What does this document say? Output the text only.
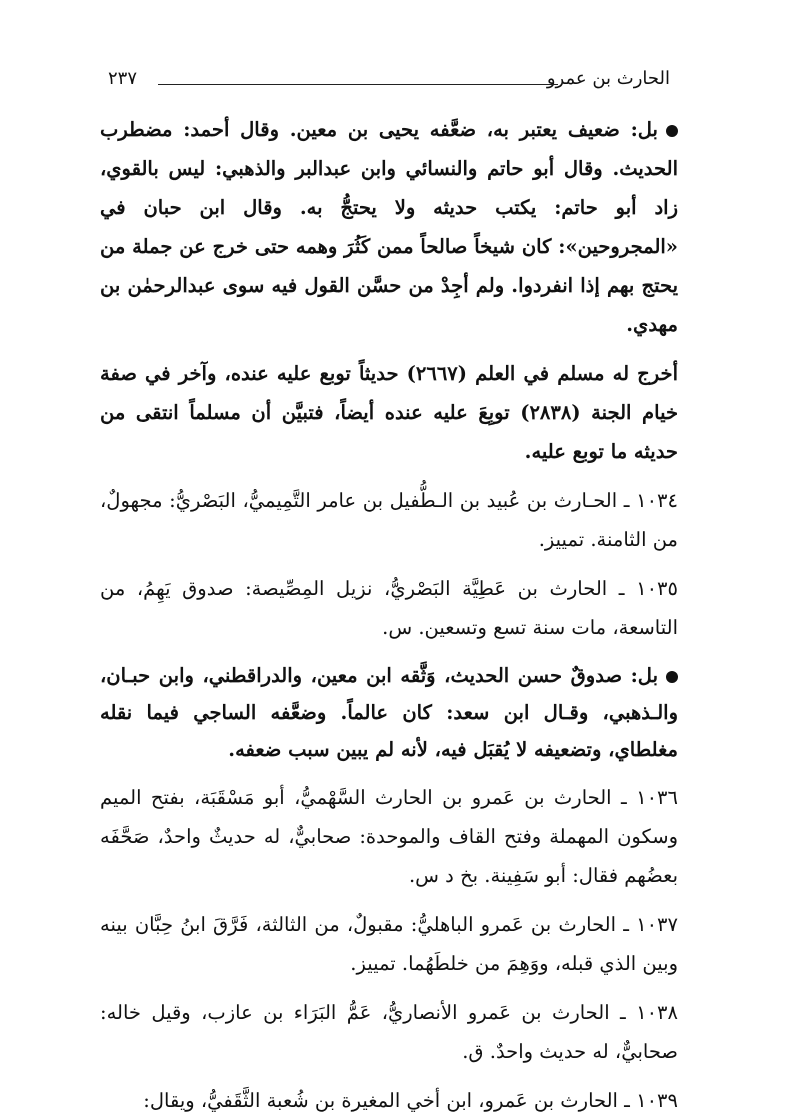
الحارث بن عمرو
٢٣٧

بل: ضعيف يعتبر به، ضعَّفه يحيى بن معين. وقال أحمد: مضطرب الحديث. وقال أبو حاتم والنسائي وابن عبدالبر والذهبي: ليس بالقوي، زاد أبو حاتم: يكتب حديثه ولا يحتجُّ به. وقال ابن حبان في «المجروحين»: كان شيخاً صالحاً ممن كَثُرَ وهمه حتى خرج عن جملة من يحتج بهم إذا انفردوا. ولم أجِدْ من حسَّن القول فيه سوى عبدالرحمٰن بن مهدي.

أخرج له مسلم في العلم (٢٦٦٧) حديثاً توبع عليه عنده، وآخر في صفة خيام الجنة (٢٨٣٨) توبِعَ عليه عنده أيضاً، فتبيَّن أن مسلماً انتقى من حديثه ما توبع عليه.

١٠٣٤ ـ الحـارث بن عُبيد بن الـطُّفيل بن عامر التَّمِيميُّ، البَصْريُّ: مجهولٌ، من الثامنة. تمييز.

١٠٣٥ ـ الحارث بن عَطِيَّة البَصْريُّ، نزيل المِصِّيصة: صدوق يَهِمُ، من التاسعة، مات سنة تسع وتسعين. س.

بل: صدوقٌ حسن الحديث، وَثَّقه ابن معين، والدراقطني، وابن حبـان، والـذهبي، وقـال ابن سعد: كان عالماً. وضعَّفه الساجي فيما نقله مغلطاي، وتضعيفه لا يُقبَل فيه، لأنه لم يبين سبب ضعفه.

١٠٣٦ ـ الحارث بن عَمرو بن الحارث السَّهْميُّ، أبو مَسْقَبَة، بفتح الميم وسكون المهملة وفتح القاف والموحدة: صحابيٌّ، له حديثٌ واحدٌ، صَحَّفَه بعضُهم فقال: أبو سَفِينة. بخ د س.

١٠٣٧ ـ الحارث بن عَمرو الباهليُّ: مقبولٌ، من الثالثة، فَرَّقَ ابنُ حِبَّان بينه وبين الذي قبله، ووَهِمَ من خلطَهُما. تمييز.

١٠٣٨ ـ الحارث بن عَمرو الأنصاريُّ، عَمُّ البَرَاء بن عازب، وقيل خاله: صحابيٌّ، له حديث واحدٌ. ق.

١٠٣٩ ـ الحارث بن عَمرو، ابن أخي المغيرة بن شُعبة الثَّقَفيُّ، ويقال:
